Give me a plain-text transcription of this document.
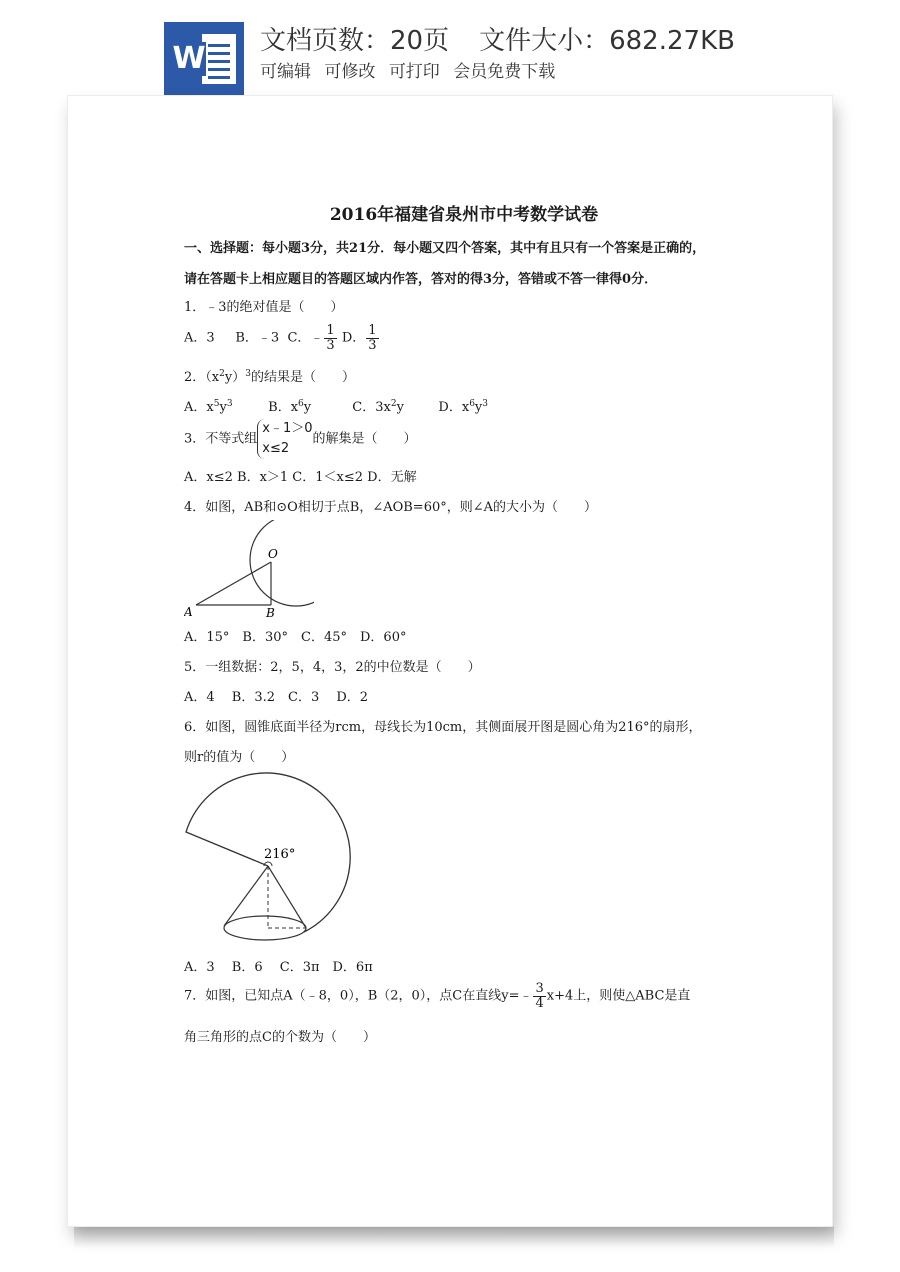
W 文档页数：20页 文件大小：682.27KB
可编辑 可修改 可打印 会员免费下载
2016年福建省泉州市中考数学试卷
一、选择题：每小题3分，共21分．每小题又四个答案，其中有且只有一个答案是正确的，
请在答题卡上相应题目的答题区域内作答，答对的得3分，答错或不答一律得0分．
1．﹣3的绝对值是（　　）
A．3 B．﹣3 C．﹣ $\frac{1}{3}$ D． $\frac{1}{3}$
2．$(x^2y)^3$的结果是（　　）
A．$x^5y^3$	B．$x^6y$	C．$3x^2y$	D．$x^6y^3$
3．不等式组
x﹣1＞0
x≤2
的解集是（　　）
A．x≤2 B．x＞1 C．1＜x≤2 D．无解
4．如图，AB和⊙O相切于点B，∠AOB=60°，则∠A的大小为（　　）
O
A	B
A．15°　B．30°　C．45°　D．60°
5．一组数据：2，5，4，3，2的中位数是（　　）
A．4　 B．3.2　C．3　 D．2
6．如图，圆锥底面半径为rcm，母线长为10cm，其侧面展开图是圆心角为216°的扇形，
则r的值为（　　）
216°
A．3　 B．6　 C．3π　D．6π
7．如图，已知点A（﹣8，0），B（2，0），点C在直线y=﹣ $\frac{3}{4} x+4$上，则使△ABC是直
角三角形的点C的个数为（　　）
